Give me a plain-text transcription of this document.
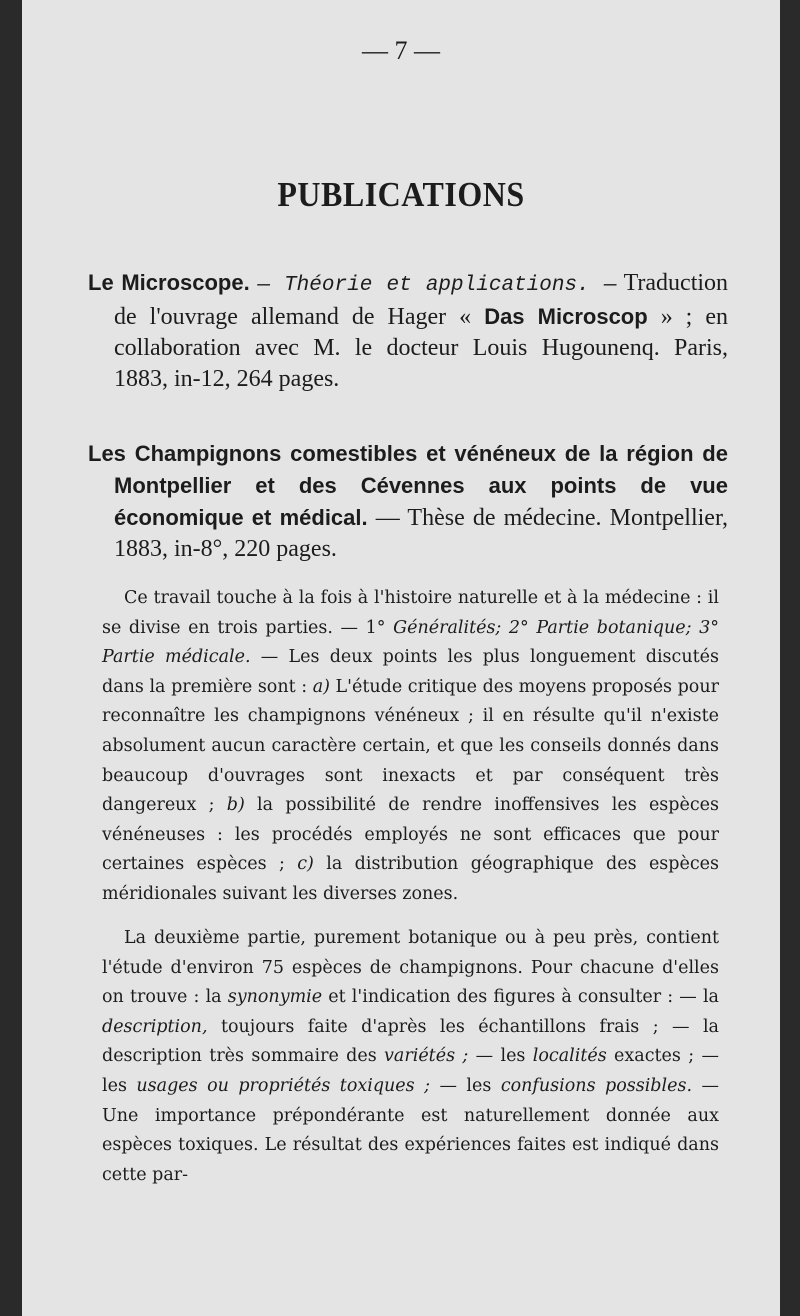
— 7 —
PUBLICATIONS
Le Microscope. — Théorie et applications. — Traduction de l'ouvrage allemand de Hager « Das Microscop » ; en collaboration avec M. le docteur Louis Hugounenq. Paris, 1883, in-12, 264 pages.
Les Champignons comestibles et vénéneux de la région de Montpellier et des Cévennes aux points de vue économique et médical. — Thèse de médecine. Montpellier, 1883, in-8°, 220 pages.
Ce travail touche à la fois à l'histoire naturelle et à la médecine : il se divise en trois parties. — 1° Généralités; 2° Partie botanique; 3° Partie médicale. — Les deux points les plus longuement discutés dans la première sont : a) L'étude critique des moyens proposés pour reconnaître les champignons vénéneux ; il en résulte qu'il n'existe absolument aucun caractère certain, et que les conseils donnés dans beaucoup d'ouvrages sont inexacts et par conséquent très dangereux ; b) la possibilité de rendre inoffensives les espèces vénéneuses : les procédés employés ne sont efficaces que pour certaines espèces ; c) la distribution géographique des espèces méridionales suivant les diverses zones.
La deuxième partie, purement botanique ou à peu près, contient l'étude d'environ 75 espèces de champignons. Pour chacune d'elles on trouve : la synonymie et l'indication des figures à consulter : — la description, toujours faite d'après les échantillons frais ; — la description très sommaire des variétés ; — les localités exactes ; — les usages ou propriétés toxiques ; — les confusions possibles. — Une importance prépondérante est naturellement donnée aux espèces toxiques. Le résultat des expériences faites est indiqué dans cette par-
